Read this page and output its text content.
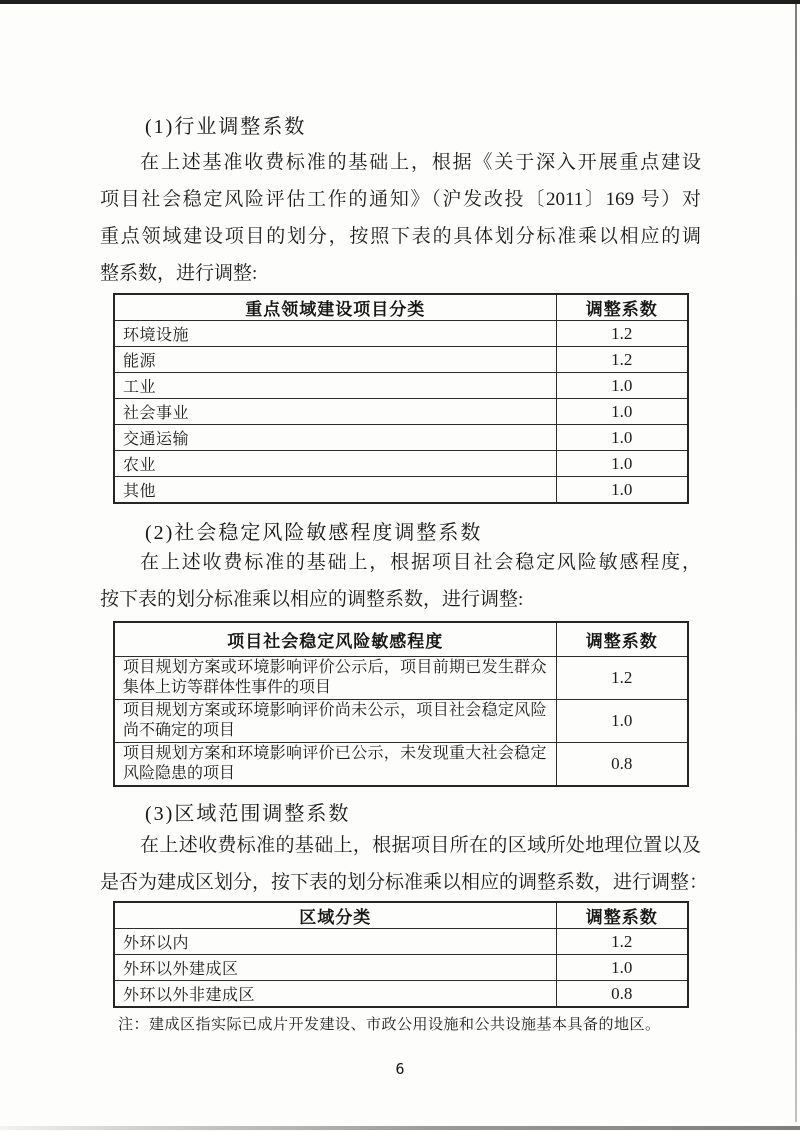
(1)行业调整系数
在上述基准收费标准的基础上，根据《关于深入开展重点建设
项目社会稳定风险评估工作的通知》（沪发改投〔2011〕169 号）对
重点领域建设项目的划分，按照下表的具体划分标准乘以相应的调
整系数，进行调整:
重点领域建设项目分类	调整系数
环境设施	1.2
能源	1.2
工业	1.0
社会事业	1.0
交通运输	1.0
农业	1.0
其他	1.0
(2)社会稳定风险敏感程度调整系数
在上述收费标准的基础上，根据项目社会稳定风险敏感程度，
按下表的划分标准乘以相应的调整系数，进行调整:
项目社会稳定风险敏感程度	调整系数
项目规划方案或环境影响评价公示后，项目前期已发生群众集体上访等群体性事件的项目	1.2
项目规划方案或环境影响评价尚未公示，项目社会稳定风险尚不确定的项目	1.0
项目规划方案和环境影响评价已公示，未发现重大社会稳定风险隐患的项目	0.8
(3)区域范围调整系数
在上述收费标准的基础上，根据项目所在的区域所处地理位置以及
是否为建成区划分，按下表的划分标准乘以相应的调整系数，进行调整：
区域分类	调整系数
外环以内	1.2
外环以外建成区	1.0
外环以外非建成区	0.8
注：建成区指实际已成片开发建设、市政公用设施和公共设施基本具备的地区。
6
